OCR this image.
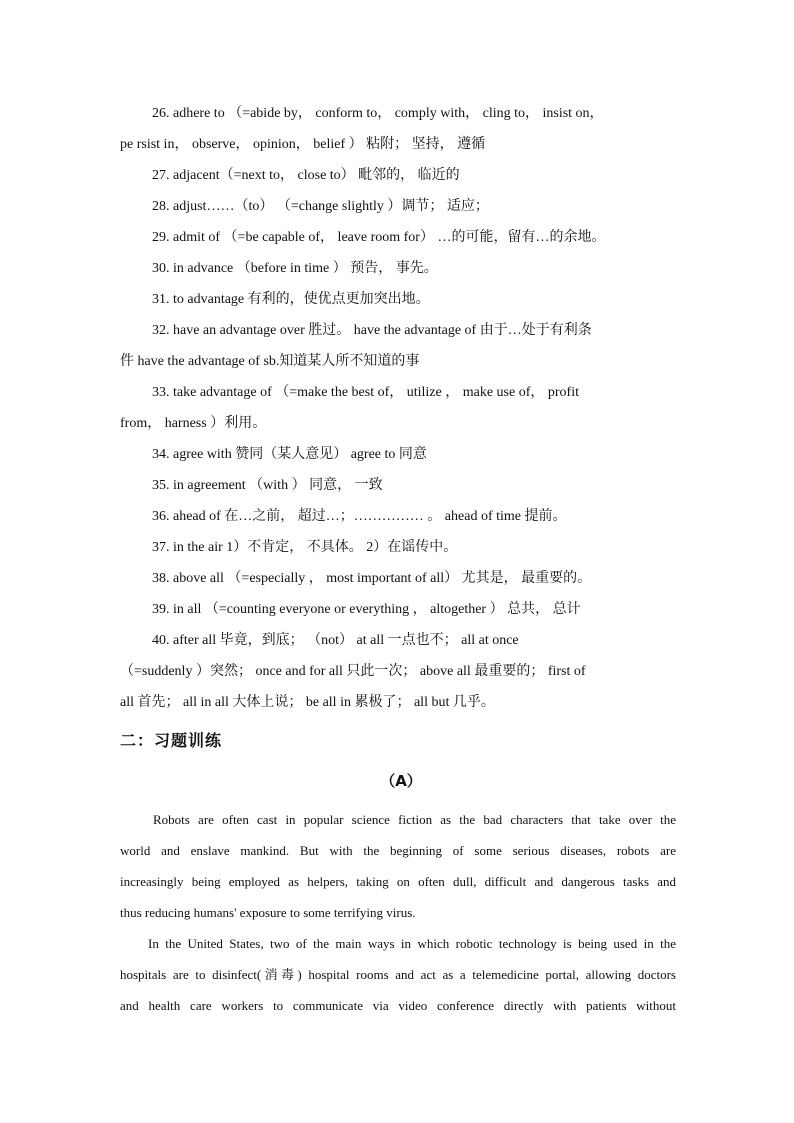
26. adhere to （=abide by， conform to， comply with， cling to， insist on，
pe rsist in， observe， opinion， belief ） 粘附； 坚持， 遵循
27. adjacent（=next to， close to） 毗邻的， 临近的
28. adjust……（to） （=change slightly ）调节； 适应；
29. admit of （=be capable of， leave room for） …的可能，留有…的余地。
30. in advance （before in time ） 预告， 事先。
31. to advantage 有利的，使优点更加突出地。
32. have an advantage over 胜过。 have the advantage of 由于…处于有利条
件 have the advantage of sb.知道某人所不知道的事
33. take advantage of （=make the best of， utilize ， make use of， profit
from， harness ）利用。
34. agree with 赞同（某人意见） agree to 同意
35. in agreement （with ） 同意， 一致
36. ahead of 在…之前， 超过…；…………… 。 ahead of time 提前。
37. in the air 1）不肯定， 不具体。 2）在谣传中。
38. above all （=especially ， most important of all） 尤其是， 最重要的。
39. in all （=counting everyone or everything ， altogether ） 总共， 总计
40. after all 毕竟，到底； （not） at all 一点也不； all at once
（=suddenly ）突然； once and for all 只此一次； above all 最重要的； first of
all 首先； all in all 大体上说； be all in 累极了； all but 几乎。
二：习题训练
（A）
Robots are often cast in popular science fiction as the bad characters that take over the
world and enslave mankind. But with the beginning of some serious diseases, robots are
increasingly being employed as helpers, taking on often dull, difficult and dangerous tasks and
thus reducing humans' exposure to some terrifying virus.
In the United States, two of the main ways in which robotic technology is being used in the
hospitals are to disinfect(消毒) hospital rooms and act as a telemedicine portal, allowing doctors
and health care workers to communicate via video conference directly with patients without
